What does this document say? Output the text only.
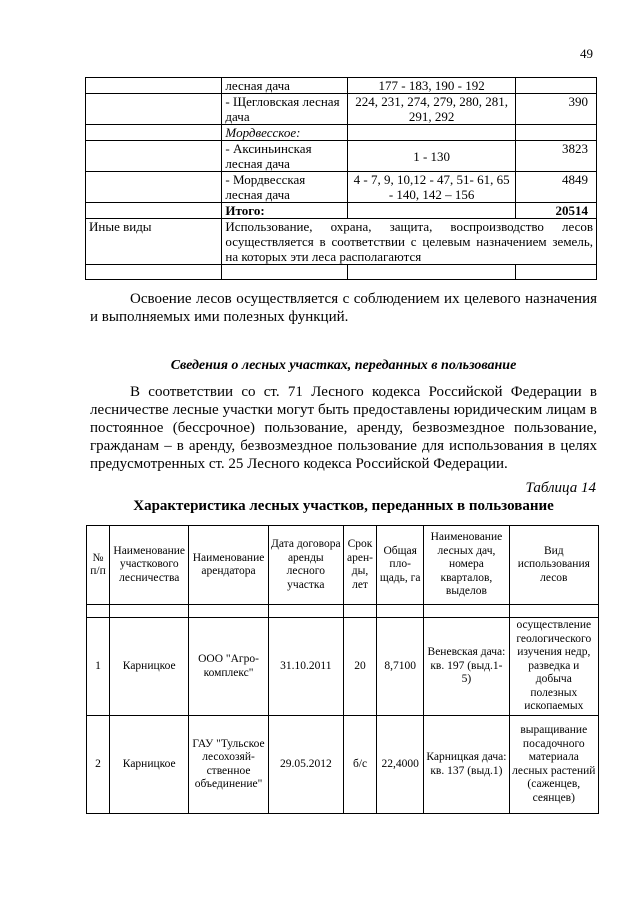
49
	лесная дача	177 - 183, 190 - 192	
	- Щегловская лесная дача	224, 231, 274, 279, 280, 281, 291, 292	390
	Мордвесское:		
	- Аксиньинская лесная дача	1 - 130	3823
	- Мордвесская лесная дача	4 - 7, 9, 10,12 - 47, 51- 61, 65 - 140, 142 – 156	4849
	Итого:		20514
Иные виды	Использование, охрана, защита, воспроизводство лесов осуществляется в соответствии с целевым назначением земель, на которых эти леса располагаются		

Освоение лесов осуществляется с соблюдением их целевого назначения и выполняемых ими полезных функций.
Сведения о лесных участках, переданных в пользование
В соответствии со ст. 71 Лесного кодекса Российской Федерации в лесничестве лесные участки могут быть предоставлены юридическим лицам в постоянное (бессрочное) пользование, аренду, безвозмездное пользование, гражданам – в аренду, безвозмездное пользование для использования в целях предусмотренных ст. 25 Лесного кодекса Российской Федерации.
Таблица 14
Характеристика лесных участков, переданных в пользование
№ п/п	Наименование участкового лесничества	Наименование арендатора	Дата договора аренды лесного участка	Срок арен-ды, лет	Общая пло-щадь, га	Наименование лесных дач, номера кварталов, выделов	Вид использования лесов

1	Карницкое	ООО "Агро-комплекс"	31.10.2011	20	8,7100	Веневская дача: кв. 197 (выд.1-5)	осуществление геологического изучения недр, разведка и добыча полезных ископаемых
2	Карницкое	ГАУ "Тульское лесохозяй-ственное объединение"	29.05.2012	б/с	22,4000	Карницкая дача: кв. 137 (выд.1)	выращивание посадочного материала лесных растений (саженцев, сеянцев)
